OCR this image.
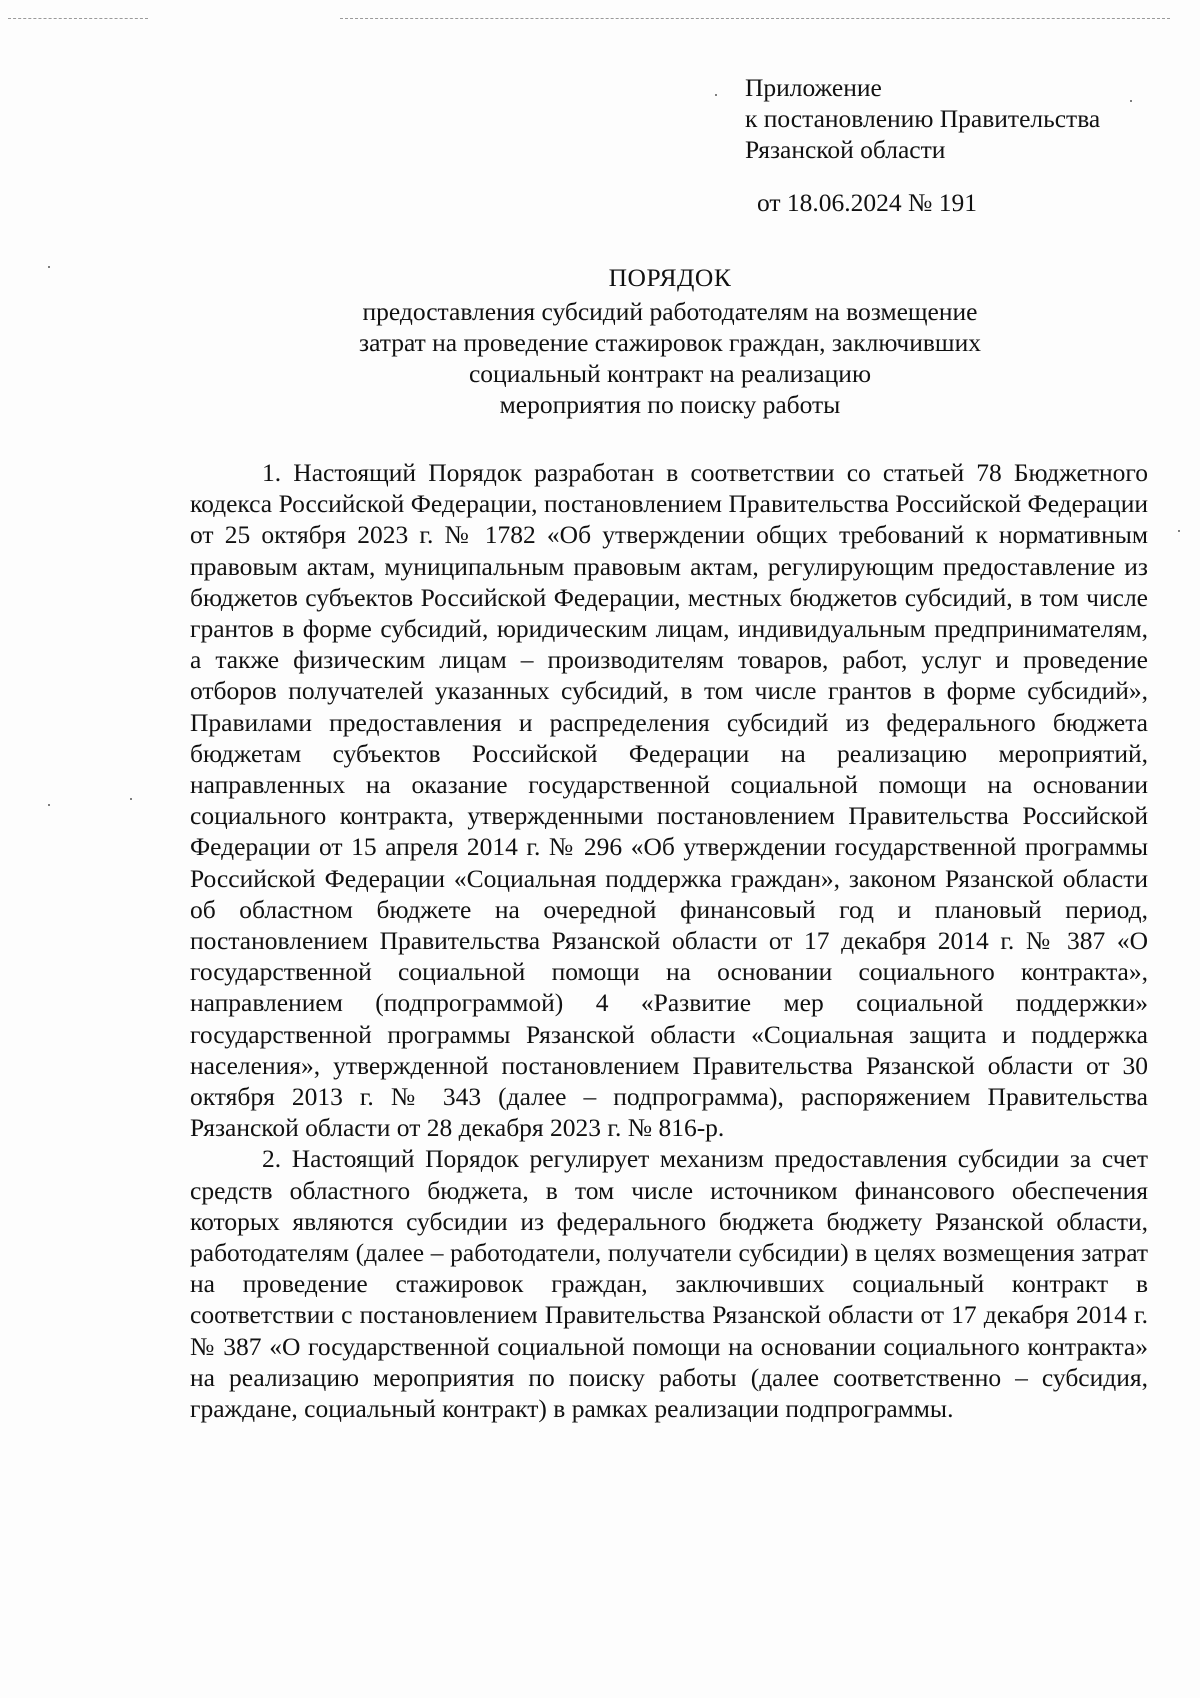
Приложение
к постановлению Правительства
Рязанской области
от 18.06.2024 № 191
ПОРЯДОК
предоставления субсидий работодателям на возмещение
затрат на проведение стажировок граждан, заключивших
социальный контракт на реализацию
мероприятия по поиску работы

1. Настоящий Порядок разработан в соответствии со статьей 78 Бюджетного кодекса Российской Федерации, постановлением Правительства Российской Федерации от 25 октября 2023 г. № 1782 «Об утверждении общих требований к нормативным правовым актам, муниципальным правовым актам, регулирующим предоставление из бюджетов субъектов Российской Федерации, местных бюджетов субсидий, в том числе грантов в форме субсидий, юридическим лицам, индивидуальным предпринимателям, а также физическим лицам – производителям товаров, работ, услуг и проведение отборов получателей указанных субсидий, в том числе грантов в форме субсидий», Правилами предоставления и распределения субсидий из федерального бюджета бюджетам субъектов Российской Федерации на реализацию мероприятий, направленных на оказание государственной социальной помощи на основании социального контракта, утвержденными постановлением Правительства Российской Федерации от 15 апреля 2014 г. № 296 «Об утверждении государственной программы Российской Федерации «Социальная поддержка граждан», законом Рязанской области об областном бюджете на очередной финансовый год и плановый период, постановлением Правительства Рязанской области от 17 декабря 2014 г. № 387 «О государственной социальной помощи на основании социального контракта», направлением (подпрограммой) 4 «Развитие мер социальной поддержки» государственной программы Рязанской области «Социальная защита и поддержка населения», утвержденной постановлением Правительства Рязанской области от 30 октября 2013 г. № 343 (далее – подпрограмма), распоряжением Правительства Рязанской области от 28 декабря 2023 г. № 816-р.

2. Настоящий Порядок регулирует механизм предоставления субсидии за счет средств областного бюджета, в том числе источником финансового обеспечения которых являются субсидии из федерального бюджета бюджету Рязанской области, работодателям (далее – работодатели, получатели субсидии) в целях возмещения затрат на проведение стажировок граждан, заключивших социальный контракт в соответствии с постановлением Правительства Рязанской области от 17 декабря 2014 г. № 387 «О государственной социальной помощи на основании социального контракта» на реализацию мероприятия по поиску работы (далее соответственно – субсидия, граждане, социальный контракт) в рамках реализации подпрограммы.
